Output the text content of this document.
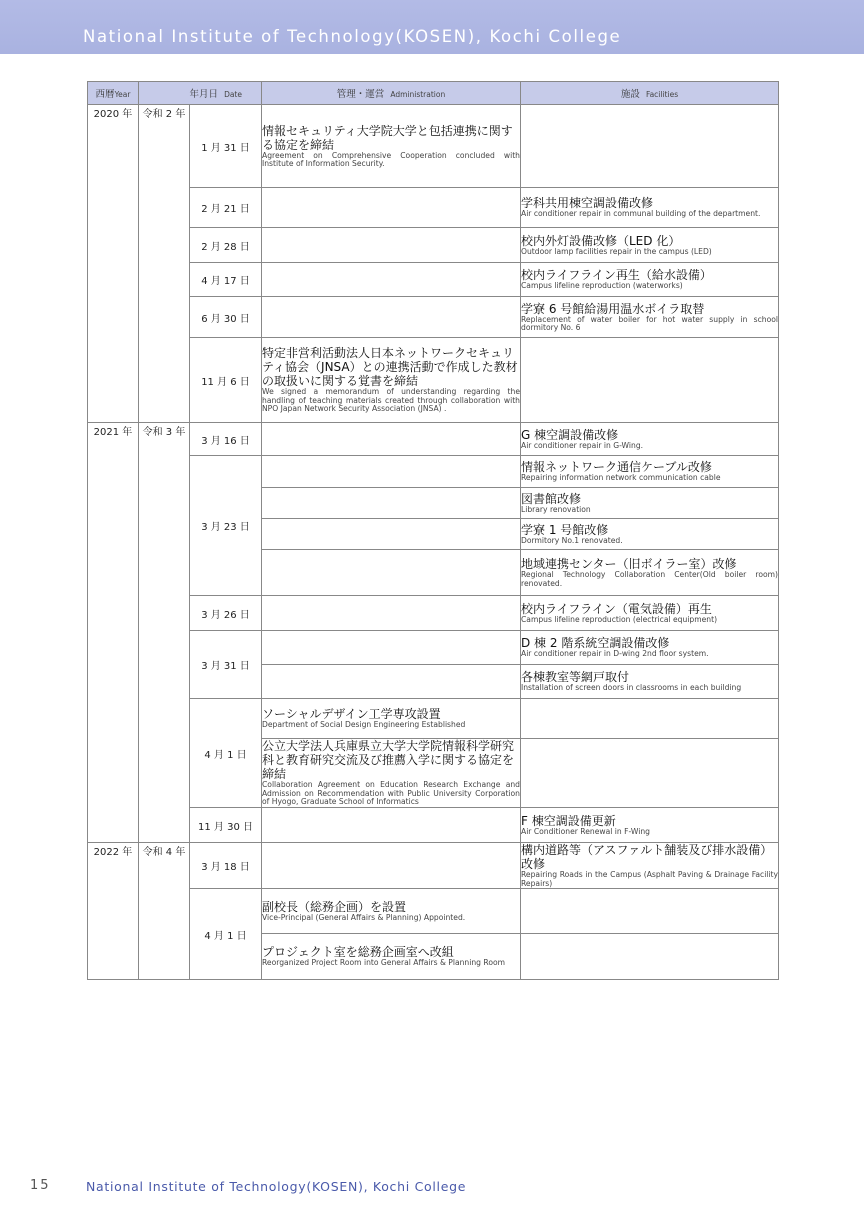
National Institute of Technology(KOSEN), Kochi College
西暦Year		年月日 Date	管理・運営 Administration	施設 Facilities
2020 年	令和 2 年	1 月 31 日	情報セキュリティ大学院大学と包括連携に関する協定を締結
Agreement on Comprehensive Cooperation concluded with Institute of Information Security.	

		2 月 21 日		学科共用棟空調設備改修
Air conditioner repair in communal building of the department.

		2 月 28 日		校内外灯設備改修（LED 化）
Outdoor lamp facilities repair in the campus (LED)

		4 月 17 日		校内ライフライン再生（給水設備）
Campus lifeline reproduction (waterworks)

		6 月 30 日		学寮 6 号館給湯用温水ボイラ取替
Replacement of water boiler for hot water supply in school dormitory No. 6

		11 月 6 日	特定非営利活動法人日本ネットワークセキュリティ協会（JNSA）との連携活動で作成した教材の取扱いに関する覚書を締結
We signed a memorandum of understanding regarding the handling of teaching materials created through collaboration with NPO Japan Network Security Association (JNSA) .	

2021 年	令和 3 年	3 月 16 日		G 棟空調設備改修
Air conditioner repair in G-Wing.

		3 月 23 日		情報ネットワーク通信ケーブル改修
Repairing information network communication cable

				図書館改修
Library renovation

				学寮 1 号館改修
Dormitory No.1 renovated.

				地域連携センター（旧ボイラー室）改修
Regional Technology Collaboration Center(Old boiler room) renovated.

		3 月 26 日		校内ライフライン（電気設備）再生
Campus lifeline reproduction (electrical equipment)

		3 月 31 日		D 棟 2 階系統空調設備改修
Air conditioner repair in D-wing 2nd floor system.

				各棟教室等網戸取付
Installation of screen doors in classrooms in each building

		4 月 1 日	ソーシャルデザイン工学専攻設置
Department of Social Design Engineering Established	

			公立大学法人兵庫県立大学大学院情報科学研究科と教育研究交流及び推薦入学に関する協定を締結
Collaboration Agreement on Education Research Exchange and Admission on Recommendation with Public University Corporation of Hyogo, Graduate School of Informatics	

		11 月 30 日		F 棟空調設備更新
Air Conditioner Renewal in F-Wing

2022 年	令和 4 年	3 月 18 日		構内道路等（アスファルト舗装及び排水設備）改修
Repairing Roads in the Campus (Asphalt Paving & Drainage Facility Repairs)

		4 月 1 日	副校長（総務企画）を設置
Vice-Principal (General Affairs & Planning) Appointed.	

			プロジェクト室を総務企画室へ改組
Reorganized Project Room into General Affairs & Planning Room	

15	National Institute of Technology(KOSEN), Kochi College
